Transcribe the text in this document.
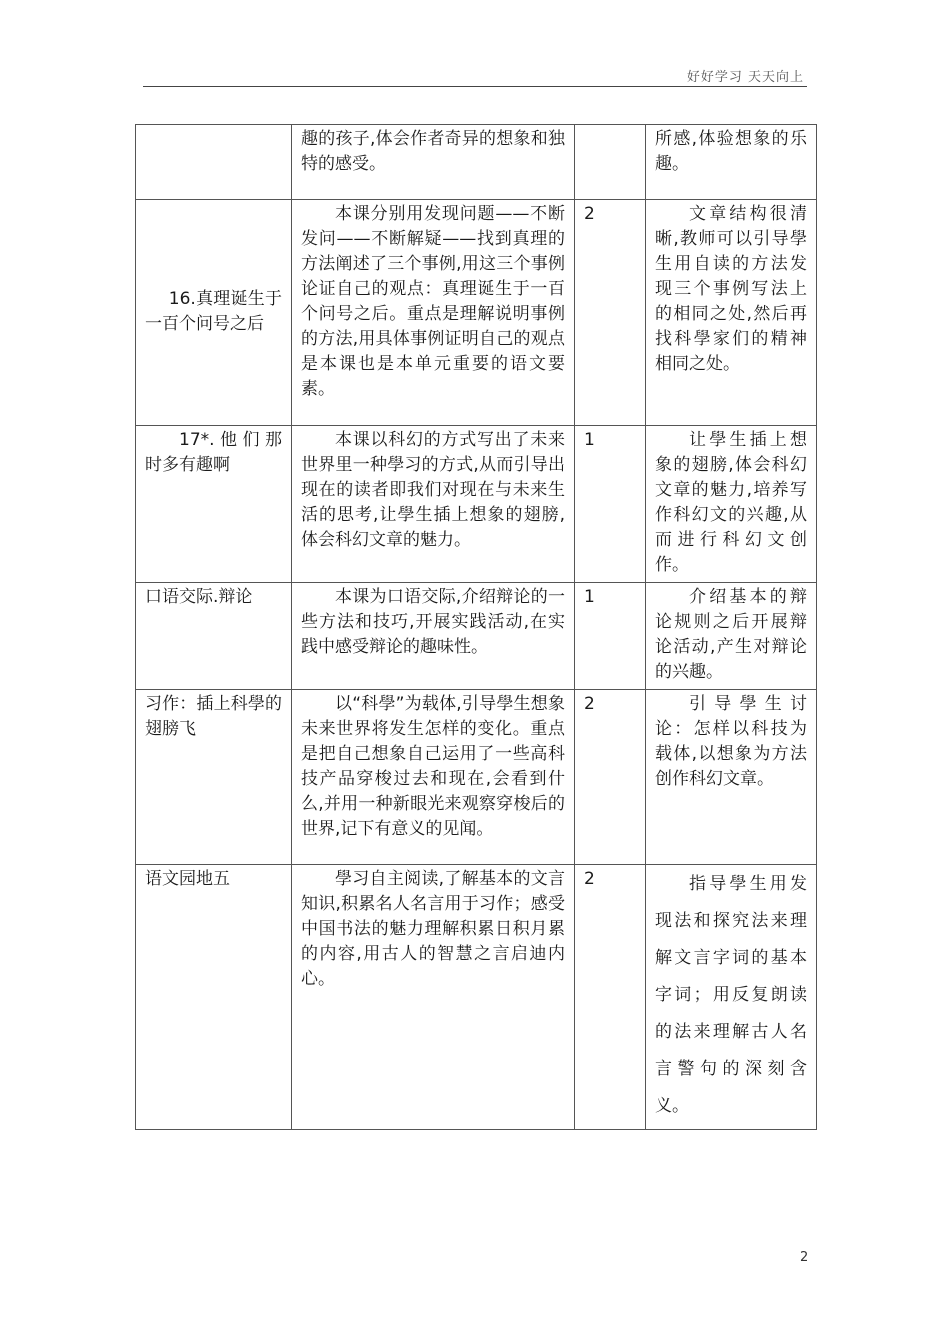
好好学习 天天向上
	趣的孩子,体会作者奇异的想象和独特的感受。		所感,体验想象的乐趣。
16.真理诞生于一百个问号之后	本课分别用发现问题——不断发问——不断解疑——找到真理的方法阐述了三个事例,用这三个事例论证自己的观点：真理诞生于一百个问号之后。重点是理解说明事例的方法,用具体事例证明自己的观点是本课也是本单元重要的语文要素。	2	文章结构很清晰,教师可以引导學生用自读的方法发现三个事例写法上的相同之处,然后再找科學家们的精神相同之处。
17*.他们那时多有趣啊	本课以科幻的方式写出了未来世界里一种學习的方式,从而引导出现在的读者即我们对现在与未来生活的思考,让學生插上想象的翅膀,体会科幻文章的魅力。	1	让學生插上想象的翅膀,体会科幻文章的魅力,培养写作科幻文的兴趣,从而进行科幻文创作。
口语交际.辩论	本课为口语交际,介绍辩论的一些方法和技巧,开展实践活动,在实践中感受辩论的趣味性。	1	介绍基本的辩论规则之后开展辩论活动,产生对辩论的兴趣。
习作：插上科學的翅膀飞	以“科學”为载体,引导學生想象未来世界将发生怎样的变化。重点是把自己想象自己运用了一些高科技产品穿梭过去和现在,会看到什么,并用一种新眼光来观察穿梭后的世界,记下有意义的见闻。	2	引导學生讨论：怎样以科技为载体,以想象为方法创作科幻文章。
语文园地五	學习自主阅读,了解基本的文言知识,积累名人名言用于习作；感受中国书法的魅力理解积累日积月累的内容,用古人的智慧之言启迪内心。	2	指导學生用发现法和探究法来理解文言字词的基本字词；用反复朗读的法来理解古人名言警句的深刻含义。
2
